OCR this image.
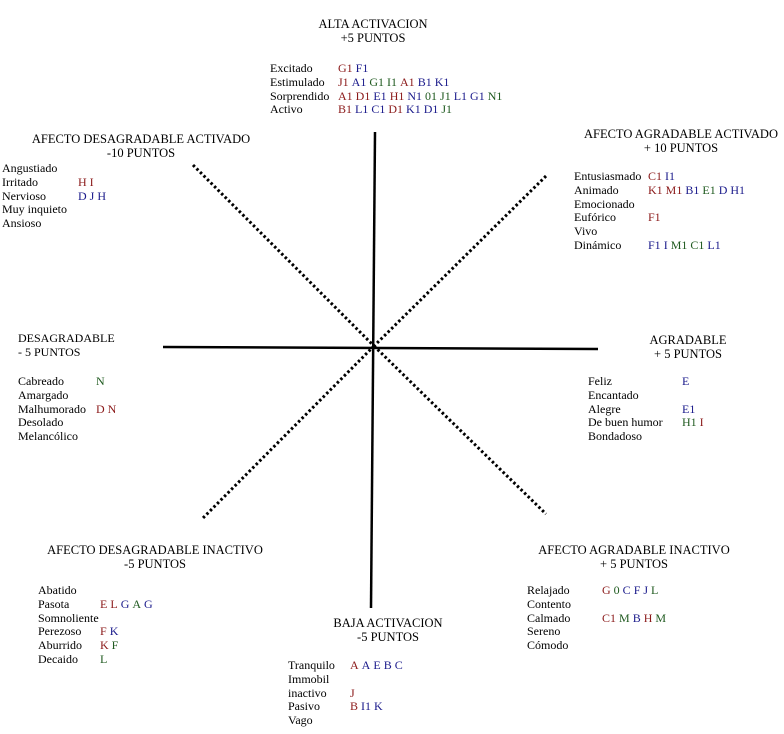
ALTA ACTIVACION
+5 PUNTOS
Excitado	G1 F1
Estimulado	J1 A1 G1 I1 A1 B1 K1
Sorprendido A1 D1 E1 H1 N1 01 J1 L1 G1 N1
Activo	B1 L1 C1 D1 K1 D1 J1
AFECTO DESAGRADABLE ACTIVADO
-10 PUNTOS
Angustiado
Irritado	H I
Nervioso	D J H
Muy inquieto
Ansioso
AFECTO AGRADABLE ACTIVADO
+ 10 PUNTOS
Entusiasmado C1 I1
Animado	K1 M1 B1 E1 D H1
Emocionado
Eufórico	F1
Vivo
Dinámico	F1 I M1 C1 L1
DESAGRADABLE
- 5 PUNTOS
Cabreado	N
Amargado
Malhumorado D N
Desolado
Melancólico
AGRADABLE
+ 5 PUNTOS
Feliz	E
Encantado
Alegre	E1
De buen humor	H1 I
Bondadoso
AFECTO DESAGRADABLE INACTIVO
-5 PUNTOS
Abatido
Pasota	E L G A G
Somnoliente
Perezoso	F K
Aburrido	K F
Decaido	L
AFECTO AGRADABLE INACTIVO
+ 5 PUNTOS
Relajado	G 0 C F J L
Contento
Calmado	C1 M B H M
Sereno
Cómodo
BAJA ACTIVACION
-5 PUNTOS
Tranquilo	A A E B C
Immobil
inactivo	J
Pasivo	B I1 K
Vago
